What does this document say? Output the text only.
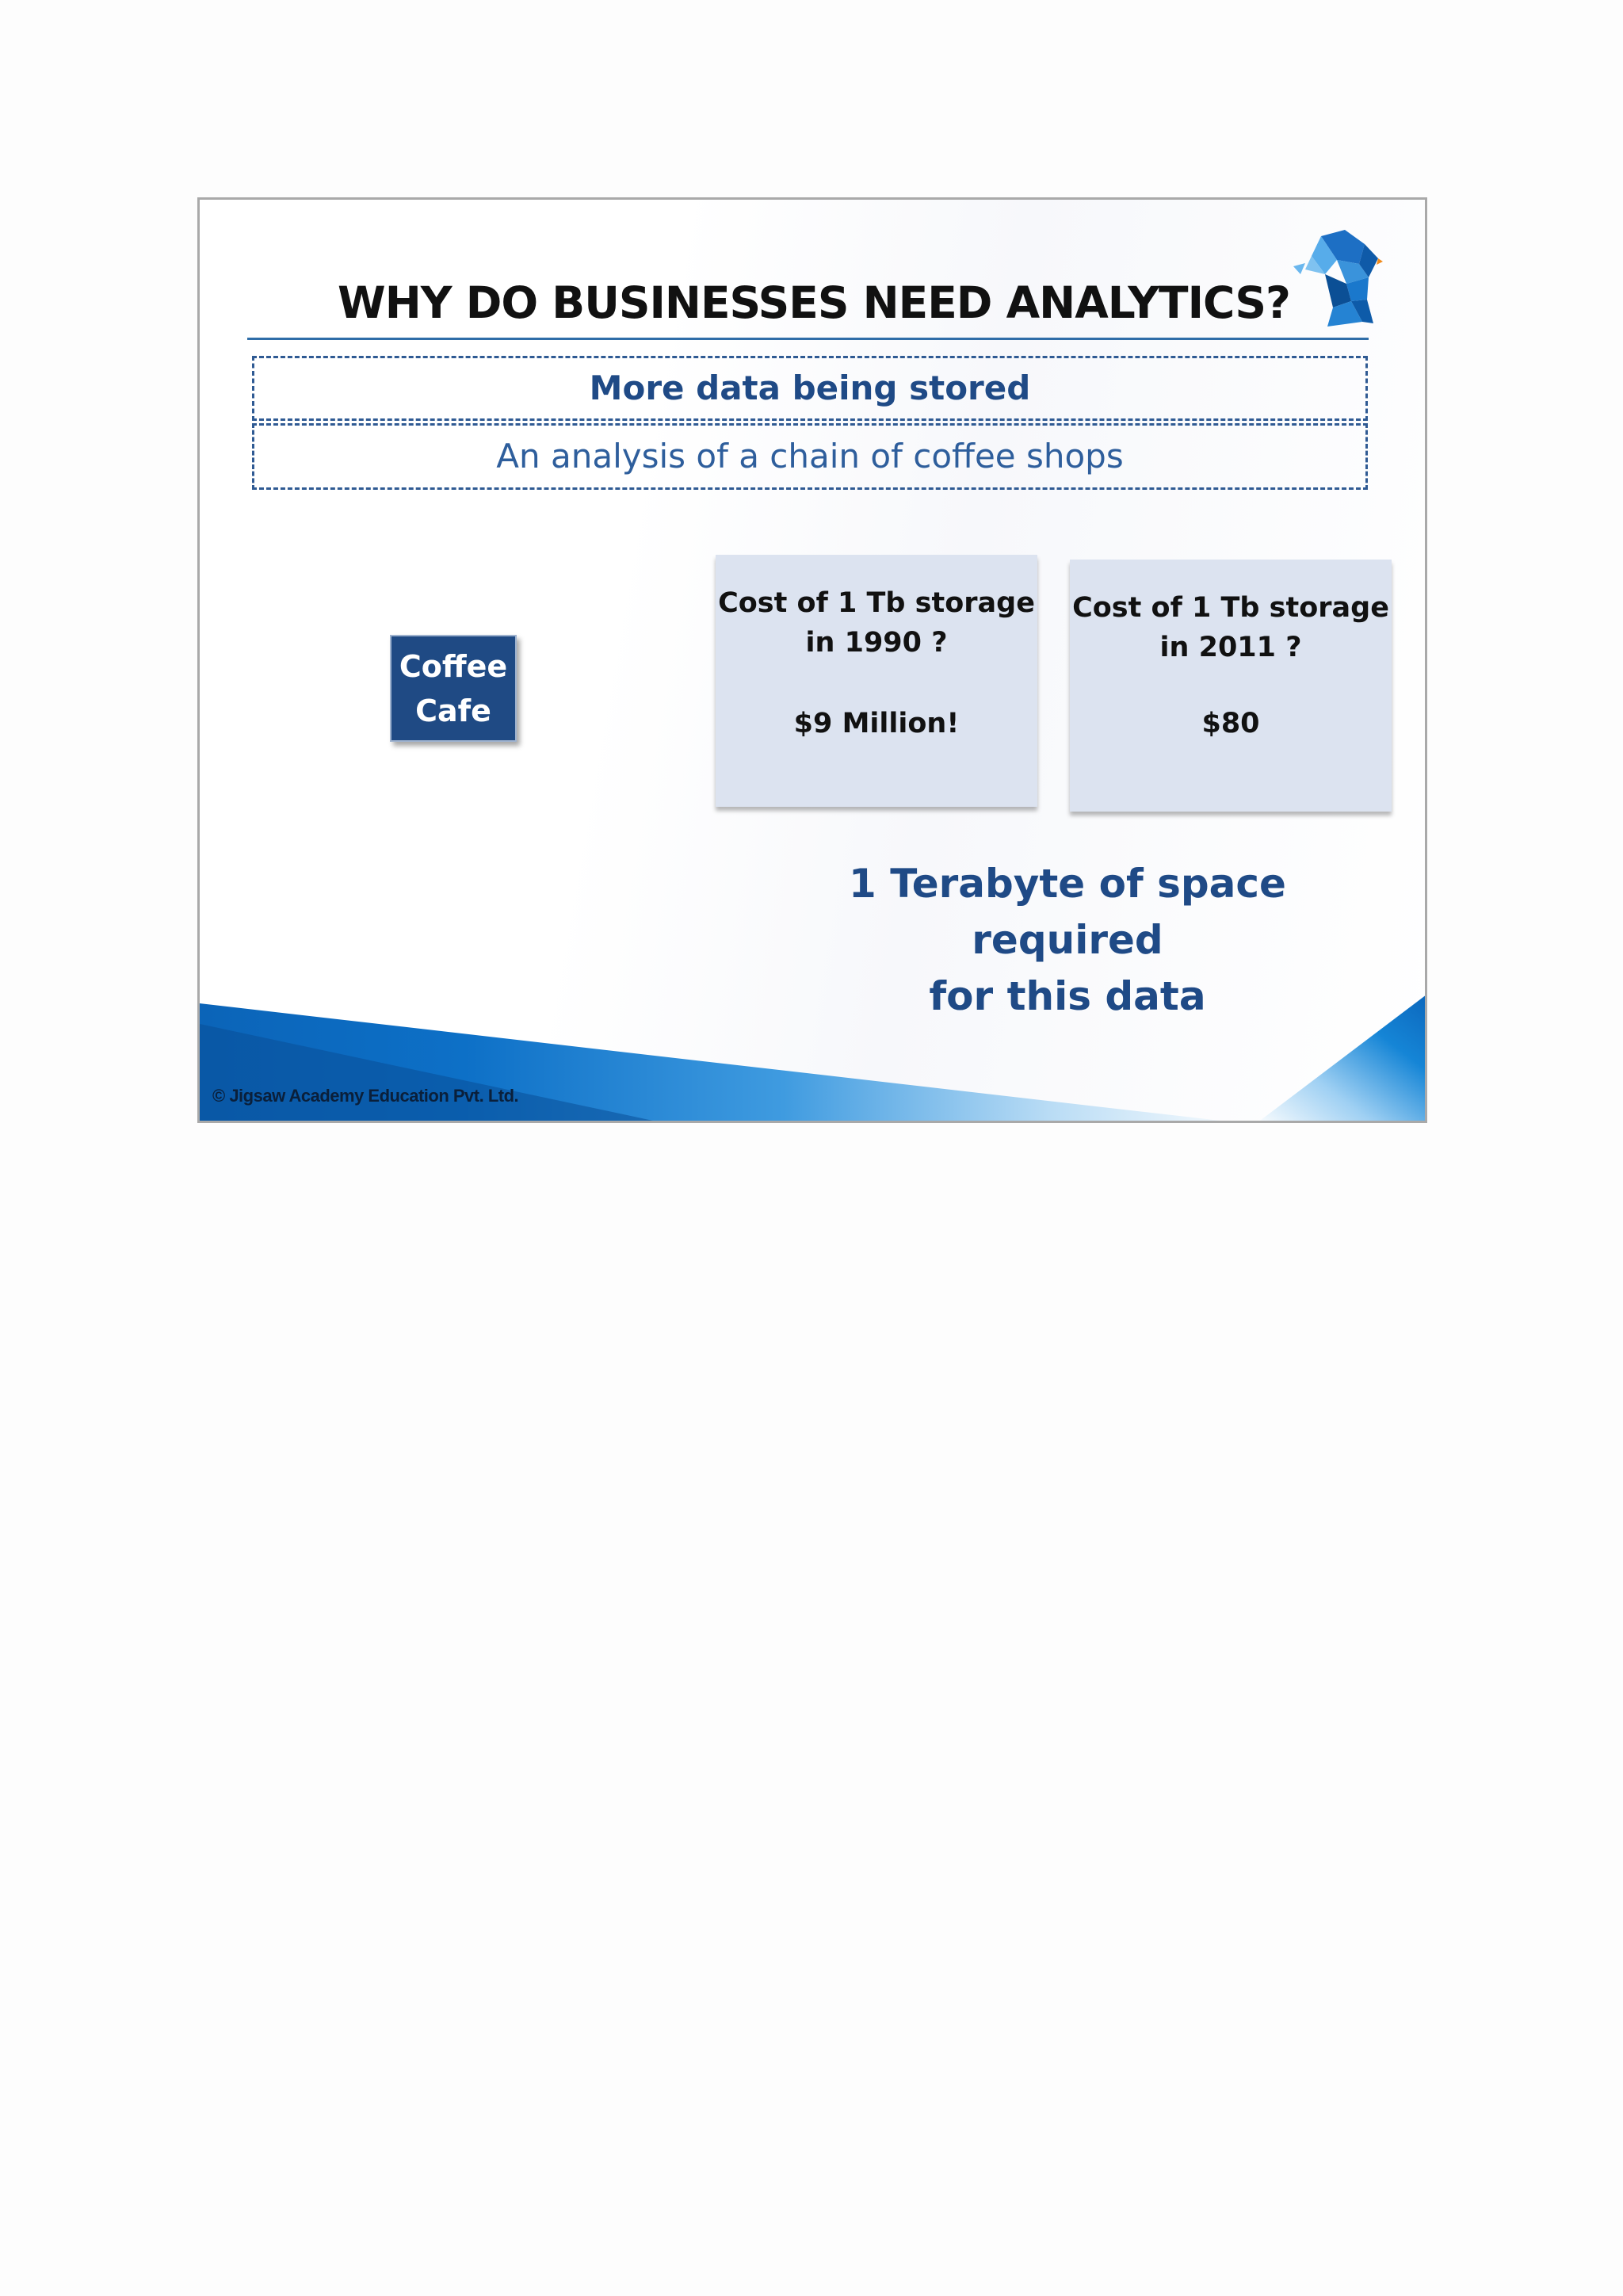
WHY DO BUSINESSES NEED ANALYTICS?
More data being stored
An analysis of a chain of coffee shops
Coffee
Cafe
Cost of 1 Tb storage
in 1990 ?
$9 Million!
Cost of 1 Tb storage
in 2011 ?
$80
1 Terabyte of space required
for this data
© Jigsaw Academy Education Pvt. Ltd.
